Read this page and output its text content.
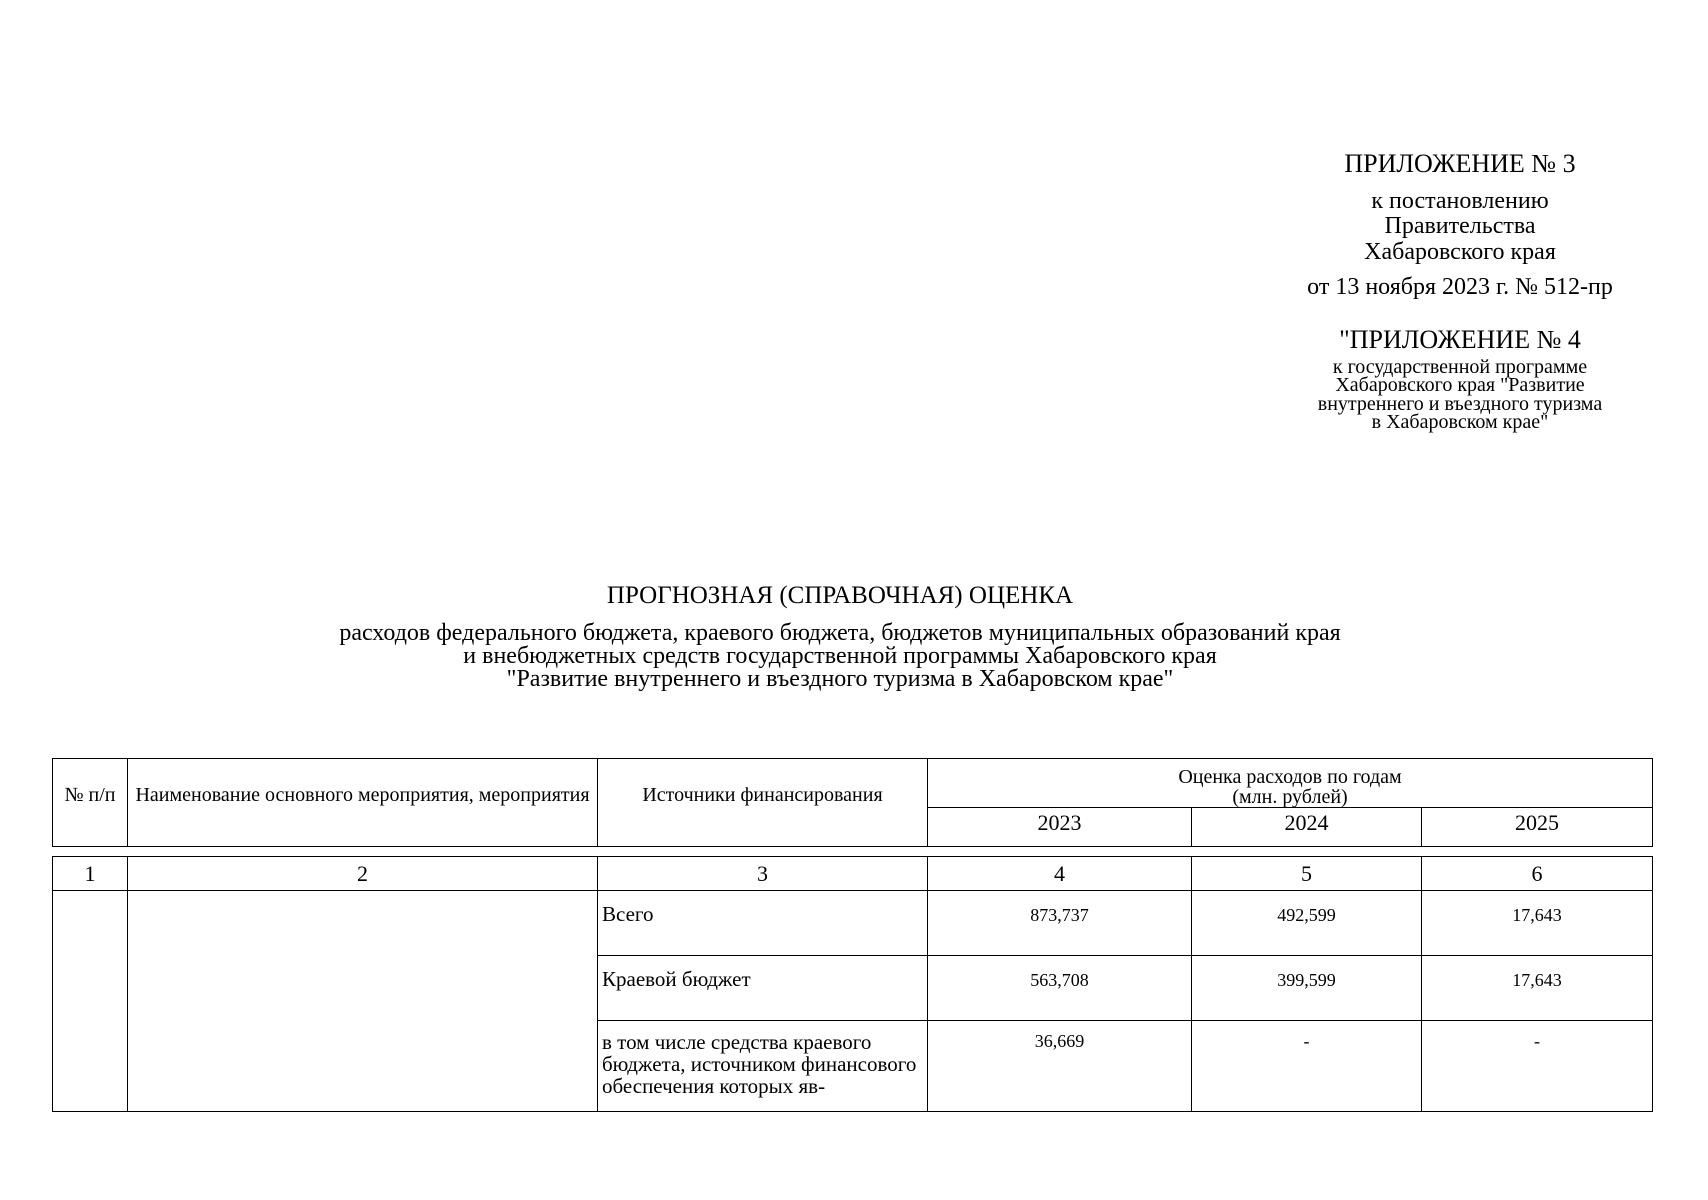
ПРИЛОЖЕНИЕ № 3
к постановлению
Правительства
Хабаровского края
от 13 ноября 2023 г. № 512-пр
"ПРИЛОЖЕНИЕ № 4
к государственной программе
Хабаровского края "Развитие
внутреннего и въездного туризма
в Хабаровском крае"
ПРОГНОЗНАЯ (СПРАВОЧНАЯ) ОЦЕНКА
расходов федерального бюджета, краевого бюджета, бюджетов муниципальных образований края
и внебюджетных средств государственной программы Хабаровского края
"Развитие внутреннего и въездного туризма в Хабаровском крае"
№ п/п	Наименование основного мероприятия, мероприятия	Источники финансирования	Оценка расходов по годам
(млн. рублей)		

			2023	2024	2025

1	2	3	4	5	6
		Всего	873,737	492,599	17,643
		Краевой бюджет	563,708	399,599	17,643
		в том числе средства краевого бюджета, источником финансового обеспечения которых яв-	36,669	-	-
